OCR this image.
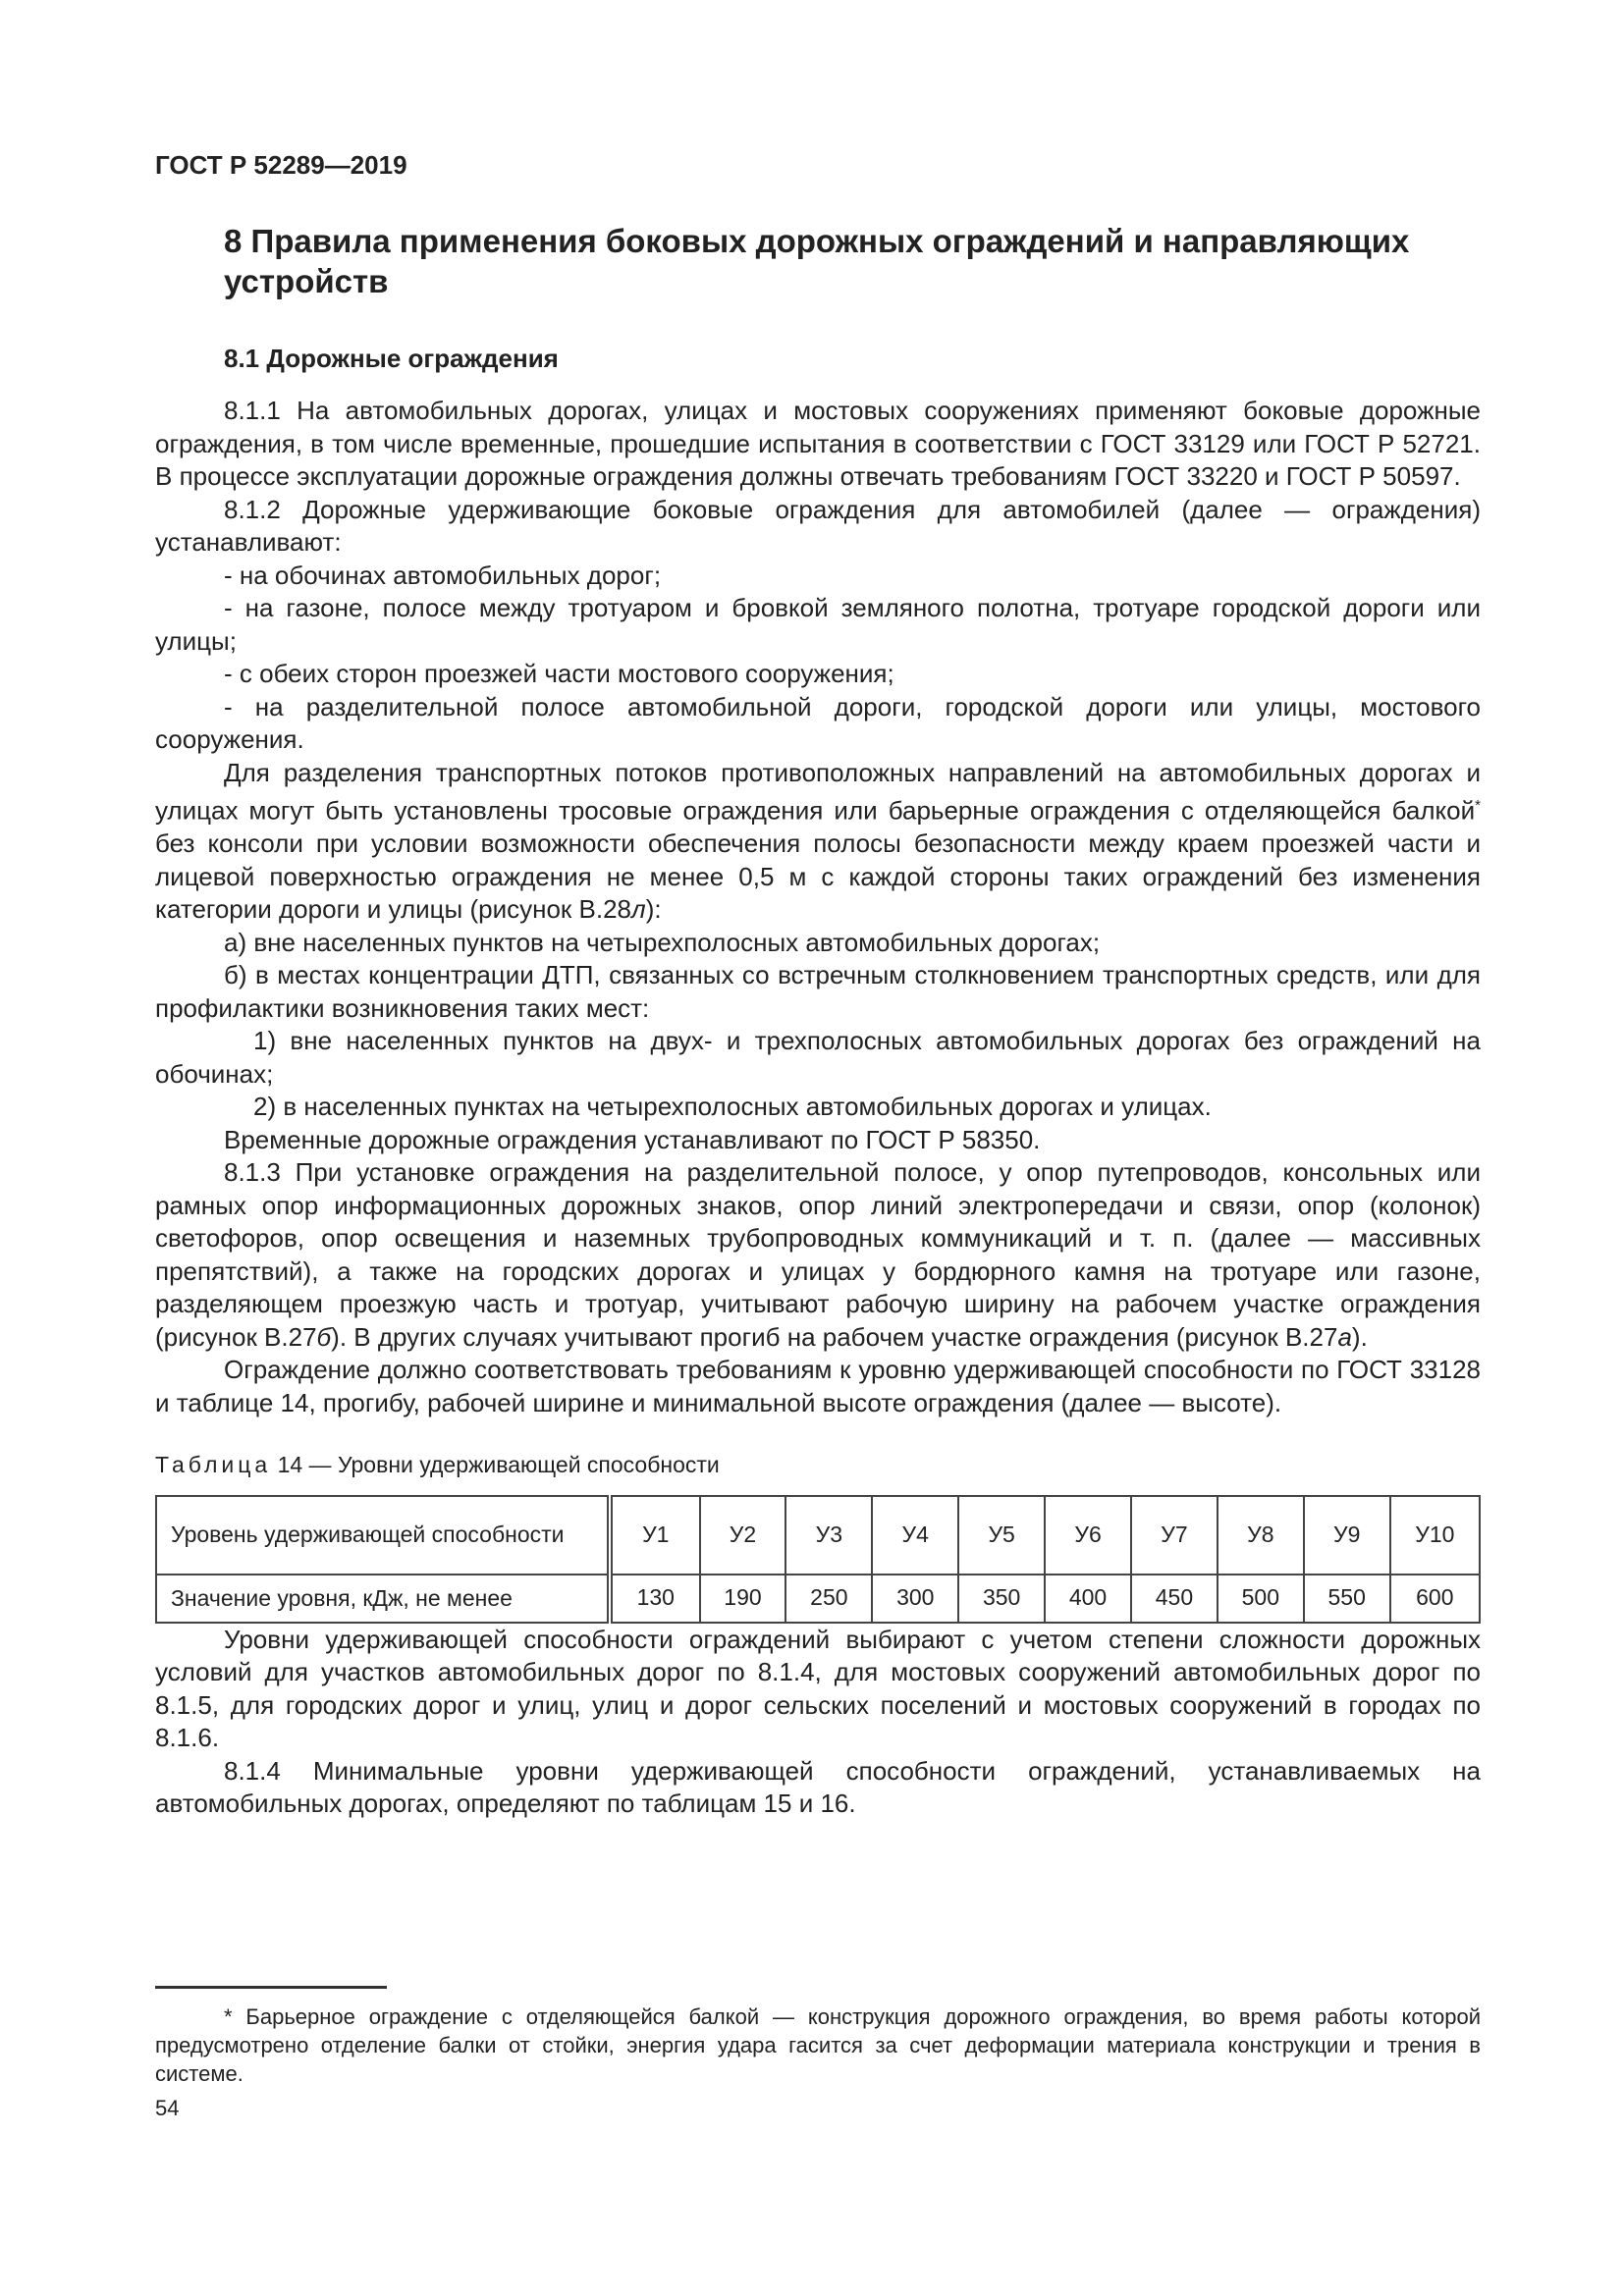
ГОСТ Р 52289—2019
8 Правила применения боковых дорожных ограждений и направляющих устройств
8.1 Дорожные ограждения

8.1.1 На автомобильных дорогах, улицах и мостовых сооружениях применяют боковые дорожные ограждения, в том числе временные, прошедшие испытания в соответствии с ГОСТ 33129 или ГОСТ Р 52721. В процессе эксплуатации дорожные ограждения должны отвечать требованиям ГОСТ 33220 и ГОСТ Р 50597.

8.1.2 Дорожные удерживающие боковые ограждения для автомобилей (далее — ограждения) устанавливают:

- на обочинах автомобильных дорог;

- на газоне, полосе между тротуаром и бровкой земляного полотна, тротуаре городской дороги или улицы;

- с обеих сторон проезжей части мостового сооружения;

- на разделительной полосе автомобильной дороги, городской дороги или улицы, мостового сооружения.

Для разделения транспортных потоков противоположных направлений на автомобильных дорогах и улицах могут быть установлены тросовые ограждения или барьерные ограждения с отделяющейся балкой* без консоли при условии возможности обеспечения полосы безопасности между краем проезжей части и лицевой поверхностью ограждения не менее 0,5 м с каждой стороны таких ограждений без изменения категории дороги и улицы (рисунок В.28л):

а) вне населенных пунктов на четырехполосных автомобильных дорогах;

б) в местах концентрации ДТП, связанных со встречным столкновением транспортных средств, или для профилактики возникновения таких мест:

1) вне населенных пунктов на двух- и трехполосных автомобильных дорогах без ограждений на обочинах;

2) в населенных пунктах на четырехполосных автомобильных дорогах и улицах.

Временные дорожные ограждения устанавливают по ГОСТ Р 58350.

8.1.3 При установке ограждения на разделительной полосе, у опор путепроводов, консольных или рамных опор информационных дорожных знаков, опор линий электропередачи и связи, опор (колонок) светофоров, опор освещения и наземных трубопроводных коммуникаций и т. п. (далее — массивных препятствий), а также на городских дорогах и улицах у бордюрного камня на тротуаре или газоне, разделяющем проезжую часть и тротуар, учитывают рабочую ширину на рабочем участке ограждения (рисунок В.27б). В других случаях учитывают прогиб на рабочем участке ограждения (рисунок В.27а).

Ограждение должно соответствовать требованиям к уровню удерживающей способности по ГОСТ 33128 и таблице 14, прогибу, рабочей ширине и минимальной высоте ограждения (далее — высоте).

Таблица 14 — Уровни удерживающей способности
Уровень удерживающей способности	У1	У2	У3	У4	У5	У6	У7	У8	У9	У10
Значение уровня, кДж, не менее	130	190	250	300	350	400	450	500	550	600

Уровни удерживающей способности ограждений выбирают с учетом степени сложности дорожных условий для участков автомобильных дорог по 8.1.4, для мостовых сооружений автомобильных дорог по 8.1.5, для городских дорог и улиц, улиц и дорог сельских поселений и мостовых сооружений в городах по 8.1.6.

8.1.4 Минимальные уровни удерживающей способности ограждений, устанавливаемых на автомобильных дорогах, определяют по таблицам 15 и 16.

* Барьерное ограждение с отделяющейся балкой — конструкция дорожного ограждения, во время работы которой предусмотрено отделение балки от стойки, энергия удара гасится за счет деформации материала конструкции и трения в системе.
54
